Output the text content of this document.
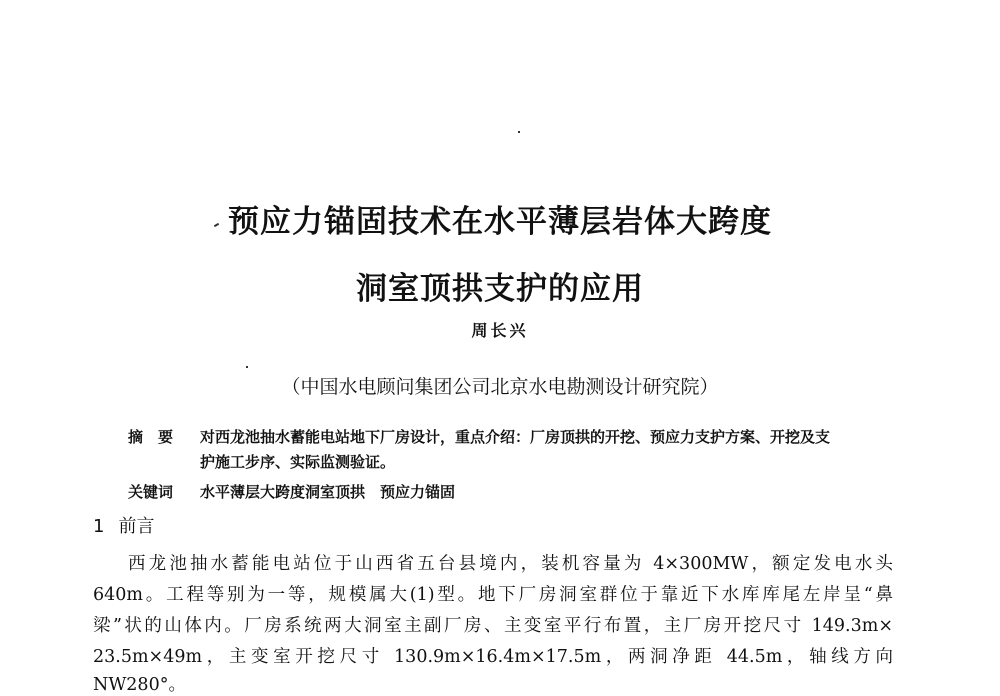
预应力锚固技术在水平薄层岩体大跨度
洞室顶拱支护的应用
周长兴
（中国水电顾问集团公司北京水电勘测设计研究院）
摘　要 对西龙池抽水蓄能电站地下厂房设计，重点介绍：厂房顶拱的开挖、预应力支护方案、开挖及支
护施工步序、实际监测验证。
关键词 水平薄层大跨度洞室顶拱　预应力锚固
1 前言
西龙池抽水蓄能电站位于山西省五台县境内，装机容量为 4×300MW，额定发电水头
640m。工程等别为一等，规模属大(1)型。地下厂房洞室群位于靠近下水库库尾左岸呈“鼻
梁”状的山体内。厂房系统两大洞室主副厂房、主变室平行布置，主厂房开挖尺寸 149.3m×
23.5m×49m，主变室开挖尺寸 130.9m×16.4m×17.5m，两洞净距 44.5m，轴线方向
NW280°。
